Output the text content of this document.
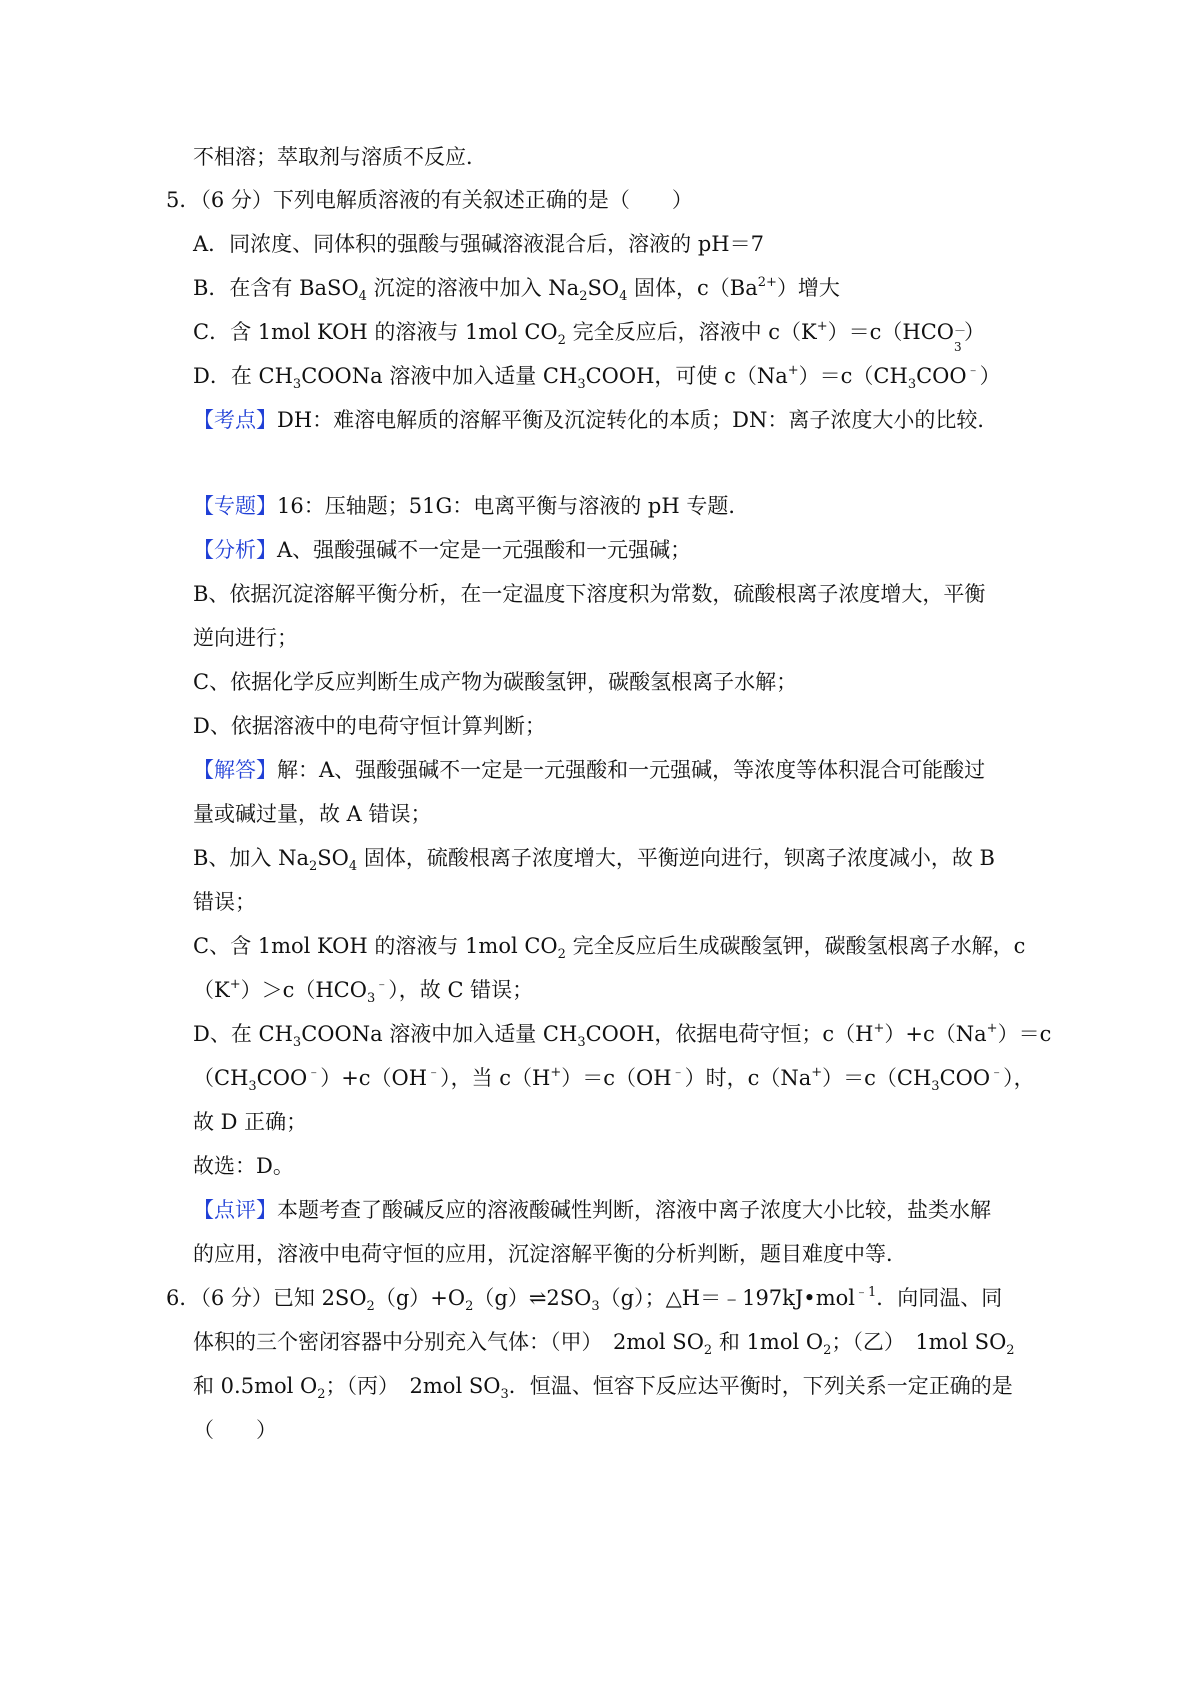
不相溶；萃取剂与溶质不反应．
5．（6 分）下列电解质溶液的有关叙述正确的是（　　）
A．同浓度、同体积的强酸与强碱溶液混合后，溶液的 pH＝7
B．在含有 BaSO$_4$ 沉淀的溶液中加入 $Na_2SO_4$ 固体，$c(Ba^{2+})$增大
C．含 1mol KOH 的溶液与 1mol $CO_2$ 完全反应后，溶液中 c（K+）＝c（HCO －
3
）
D．在 $CH_3COONa$ 溶液中加入适量 $CH_3COOH$，可使 $c(Na^+)=c(CH_3COO^﹣)$
【考点】DH：难溶电解质的溶解平衡及沉淀转化的本质；DN：离子浓度大小的比较．
【专题】16：压轴题；51G：电离平衡与溶液的 pH 专题．
【分析】A、强酸强碱不一定是一元强酸和一元强碱；
B、依据沉淀溶解平衡分析，在一定温度下溶度积为常数，硫酸根离子浓度增大，平衡
逆向进行；
C、依据化学反应判断生成产物为碳酸氢钾，碳酸氢根离子水解；
D、依据溶液中的电荷守恒计算判断；
【解答】解：A、强酸强碱不一定是一元强酸和一元强碱，等浓度等体积混合可能酸过
量或碱过量，故 A 错误；
B、加入 $Na_2SO_4$ 固体，硫酸根离子浓度增大，平衡逆向进行，钡离子浓度减小，故 B
错误；
C、含 1mol KOH 的溶液与 1mol $CO_2$ 完全反应后生成碳酸氢钾，碳酸氢根离子水解，c
$(K^+)>c(HCO_3^﹣)$，故 C 错误；
D、在 $CH_3COONa$ 溶液中加入适量 $CH_3COOH$，依据电荷守恒；c（H+）+c（Na+）＝c
$(CH_3COO^﹣)+c(OH^﹣)$，当 c（H+）＝c（OH﹣）时，$c(Na^+)=c(CH_3COO^﹣)$，
故 D 正确；
故选：D。
【点评】本题考查了酸碱反应的溶液酸碱性判断，溶液中离子浓度大小比较，盐类水解
的应用，溶液中电荷守恒的应用，沉淀溶解平衡的分析判断，题目难度中等．
6．（6 分）已知 $2SO_2(g)+O_2(g)\rightleftharpoons 2SO_3(g)$；△H＝﹣197kJ•mol$^{﹣1}$．向同温、同
体积的三个密闭容器中分别充入气体：（甲）　2mol $SO_2$ 和 1mol $O_2$；（乙）　1mol $SO_2$
和 0.5mol $O_2$；（丙）　2mol $SO_3$．恒温、恒容下反应达平衡时，下列关系一定正确的是
（　　）
